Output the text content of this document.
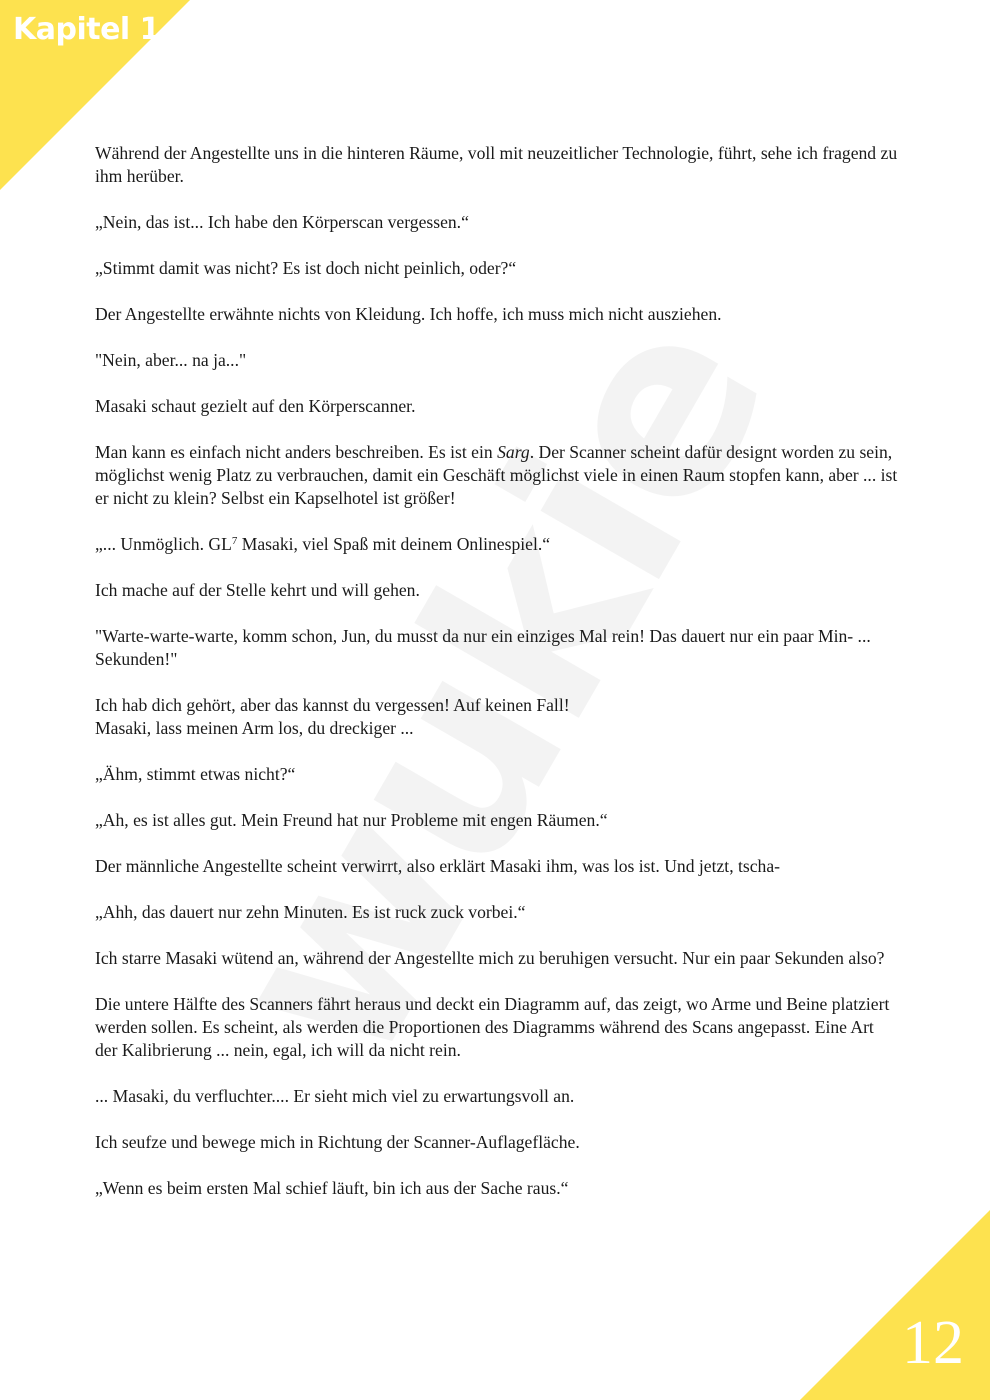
Kapitel 1
12

Während der Angestellte uns in die hinteren Räume, voll mit neuzeitlicher Technologie, führt, sehe ich fragend zu ihm herüber.

„Nein, das ist... Ich habe den Körperscan vergessen.“

„Stimmt damit was nicht? Es ist doch nicht peinlich, oder?“

Der Angestellte erwähnte nichts von Kleidung. Ich hoffe, ich muss mich nicht ausziehen.

"Nein, aber... na ja..."

Masaki schaut gezielt auf den Körperscanner.

Man kann es einfach nicht anders beschreiben. Es ist ein Sarg. Der Scanner scheint dafür designt worden zu sein, möglichst wenig Platz zu verbrauchen, damit ein Geschäft möglichst viele in einen Raum stopfen kann, aber ... ist er nicht zu klein? Selbst ein Kapselhotel ist größer!

„... Unmöglich. $GL^7$ Masaki, viel Spaß mit deinem Onlinespiel.“

Ich mache auf der Stelle kehrt und will gehen.

"Warte-warte-warte, komm schon, Jun, du musst da nur ein einziges Mal rein! Das dauert nur ein paar Min- ... Sekunden!"

Ich hab dich gehört, aber das kannst du vergessen! Auf keinen Fall!
Masaki, lass meinen Arm los, du dreckiger ...

„Ähm, stimmt etwas nicht?“

„Ah, es ist alles gut. Mein Freund hat nur Probleme mit engen Räumen.“

Der männliche Angestellte scheint verwirrt, also erklärt Masaki ihm, was los ist. Und jetzt, tscha-

„Ahh, das dauert nur zehn Minuten. Es ist ruck zuck vorbei.“

Ich starre Masaki wütend an, während der Angestellte mich zu beruhigen versucht. Nur ein paar Sekunden also?

Die untere Hälfte des Scanners fährt heraus und deckt ein Diagramm auf, das zeigt, wo Arme und Beine platziert werden sollen. Es scheint, als werden die Proportionen des Diagramms während des Scans angepasst. Eine Art der Kalibrierung ... nein, egal, ich will da nicht rein.

... Masaki, du verfluchter.... Er sieht mich viel zu erwartungsvoll an.

Ich seufze und bewege mich in Richtung der Scanner-Auflagefläche.

„Wenn es beim ersten Mal schief läuft, bin ich aus der Sache raus.“
